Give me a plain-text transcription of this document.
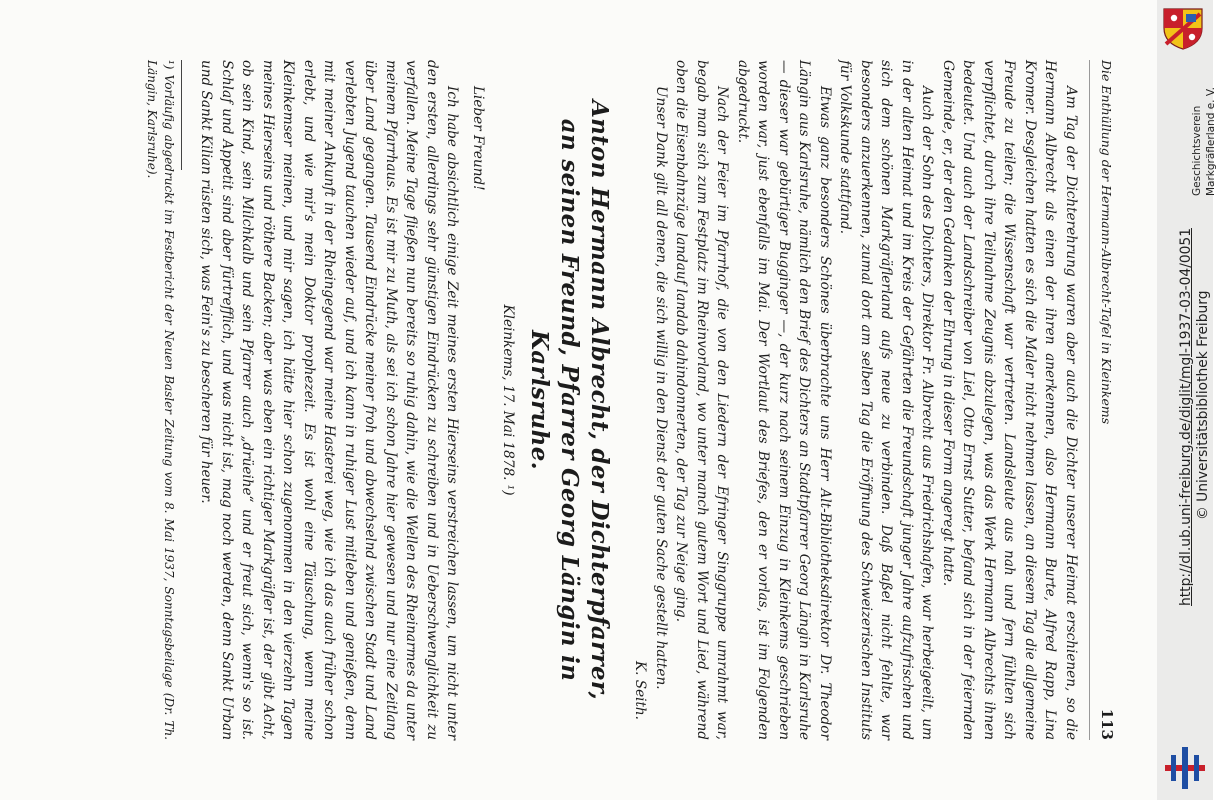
Die Enthüllung der Hermann-Albrecht-Tafel in Kleinkems
113

Am Tag der Dichterehrung waren aber auch die Dichter unserer Heimat erschienen, so die Hermann Albrecht als einen der ihren anerkennen, also Hermann Burte, Alfred Rapp, Lina Kromer. Desgleichen hatten es sich die Maler nicht nehmen lassen, an diesem Tag die allgemeine Freude zu teilen; die Wissenschaft war vertreten. Landsleute aus nah und fern fühlten sich verpflichtet, durch ihre Teilnahme Zeugnis abzulegen, was das Werk Hermann Albrechts ihnen bedeutet. Und auch der Landschreiber von Liel, Otto Ernst Sutter, befand sich in der feiernden Gemeinde, er, der den Gedanken der Ehrung in dieser Form angeregt hatte.

Auch der Sohn des Dichters, Direktor Fr. Albrecht aus Friedrichshafen, war herbeigeeilt, um in der alten Heimat und im Kreis der Gefährten die Freundschaft junger Jahre aufzufrischen und sich dem schönen Markgräflerland aufs neue zu verbinden. Daß Baßel nicht fehlte, war besonders anzuerkennen, zumal dort am selben Tag die Eröffnung des Schweizerischen Instituts für Volkskunde stattfand.

Etwas ganz besonders Schönes überbrachte uns Herr Alt-Bibliotheksdirektor Dr. Theodor Längin aus Karlsruhe, nämlich den Brief des Dichters an Stadtpfarrer Georg Längin in Karlsruhe — dieser war gebürtiger Bugginger —, der kurz nach seinem Einzug in Kleinkems geschrieben worden war, just ebenfalls im Mai. Der Wortlaut des Briefes, den er vorlas, ist im Folgenden abgedruckt.

Nach der Feier im Pfarrhof, die von den Liedern der Efringer Singgruppe umrahmt war, begab man sich zum Festplatz im Rheinvorland, wo unter manch gutem Wort und Lied, während oben die Eisenbahnzüge landauf landab dahindonnerten, der Tag zur Neige ging.

Unser Dank gilt all denen, die sich willig in den Dienst der guten Sache gestellt hatten.

K. Seith.
Anton Hermann Albrecht, der Dichterpfarrer,
an seinen Freund, Pfarrer Georg Längin in Karlsruhe.
Kleinkems, 17. Mai 1878. ¹)
Lieber Freund!

Ich habe absichtlich einige Zeit meines ersten Hierseins verstreichen lassen, um nicht unter den ersten, allerdings sehr günstigen Eindrücken zu schreiben und in Ueberschwenglichkeit zu verfallen. Meine Tage fließen nun bereits so ruhig dahin, wie die Wellen des Rheinarmes da unter meinem Pfarrhaus. Es ist mir zu Muth, als sei ich schon Jahre hier gewesen und nur eine Zeitlang über Land gegangen. Tausend Eindrücke meiner froh und abwechselnd zwischen Stadt und Land verlebten Jugend tauchen wieder auf, und ich kann in ruhiger Lust mitleben und genießen, denn mit meiner Ankunft in der Rheingegend war meine Hasterei weg, wie ich das auch früher schon erlebt, und wie mir's mein Doktor prophezeit. Es ist wohl eine Täuschung, wenn meine Kleinkemser meinen, und mir sagen, ich hätte hier schon zugenommen in den vierzehn Tagen meines Hierseins und röthere Backen; aber was eben ein richtiger Markgräfler ist, der gibt Acht, ob sein Kind, sein Milchkalb und sein Pfarrer auch „drüeihe“ und er freut sich, wenn's so ist. Schlaf und Appetit sind aber fürtrefflich, und was nicht ist, mag noch werden, denn Sankt Urban und Sankt Kilian rüsten sich, was Fein's zu bescheren für heuer.

¹) Vorläufig abgedruckt im Festbericht der Neuen Basler Zeitung vom 8. Mai 1937, Sonntagsbeilage (Dr. Th. Längin, Karlsruhe).
http://dl.ub.uni-freiburg.de/diglit/mgl-1937-03-04/0051 © Universitätsbibliothek Freiburg
Geschichtsverein Markgräflerland e. V.
